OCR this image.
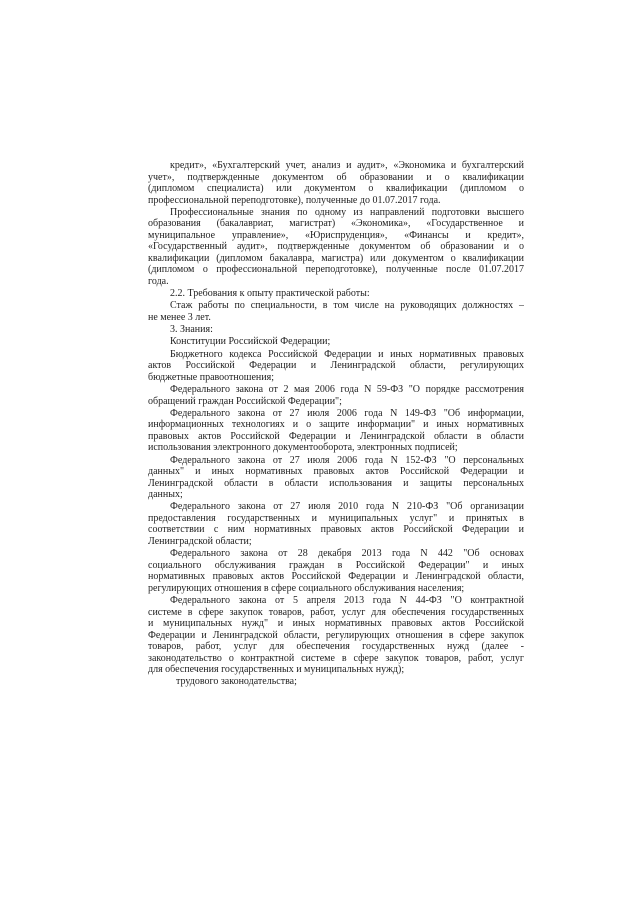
кредит», «Бухгалтерский учет, анализ и аудит», «Экономика и бухгалтерский
учет», подтвержденные документом об образовании и о квалификации
(дипломом специалиста) или документом о квалификации (дипломом о
профессиональной переподготовке), полученные до 01.07.2017 года.
Профессиональные знания по одному из направлений подготовки высшего
образования (бакалавриат, магистрат) «Экономика», «Государственное и
муниципальное управление», «Юриспруденция», «Финансы и кредит»,
«Государственный аудит», подтвержденные документом об образовании и о
квалификации (дипломом бакалавра, магистра) или документом о квалификации
(дипломом о профессиональной переподготовке), полученные после 01.07.2017
года.
2.2. Требования к опыту практической работы:
Стаж работы по специальности, в том числе на руководящих должностях –
не менее 3 лет.
3. Знания:
Конституции Российской Федерации;
Бюджетного кодекса Российской Федерации и иных нормативных правовых
актов Российской Федерации и Ленинградской области, регулирующих
бюджетные правоотношения;
Федерального закона от 2 мая 2006 года N 59-ФЗ "О порядке рассмотрения
обращений граждан Российской Федерации";
Федерального закона от 27 июля 2006 года N 149-ФЗ "Об информации,
информационных технологиях и о защите информации" и иных нормативных
правовых актов Российской Федерации и Ленинградской области в области
использования электронного документооборота, электронных подписей;
Федерального закона от 27 июля 2006 года N 152-ФЗ "О персональных
данных" и иных нормативных правовых актов Российской Федерации и
Ленинградской области в области использования и защиты персональных
данных;
Федерального закона от 27 июля 2010 года N 210-ФЗ "Об организации
предоставления государственных и муниципальных услуг" и принятых в
соответствии с ним нормативных правовых актов Российской Федерации и
Ленинградской области;
Федерального закона от 28 декабря 2013 года N 442 "Об основах
социального обслуживания граждан в Российской Федерации" и иных
нормативных правовых актов Российской Федерации и Ленинградской области,
регулирующих отношения в сфере социального обслуживания населения;
Федерального закона от 5 апреля 2013 года N 44-ФЗ "О контрактной
системе в сфере закупок товаров, работ, услуг для обеспечения государственных
и муниципальных нужд" и иных нормативных правовых актов Российской
Федерации и Ленинградской области, регулирующих отношения в сфере закупок
товаров, работ, услуг для обеспечения государственных нужд (далее -
законодательство о контрактной системе в сфере закупок товаров, работ, услуг
для обеспечения государственных и муниципальных нужд);
трудового законодательства;
